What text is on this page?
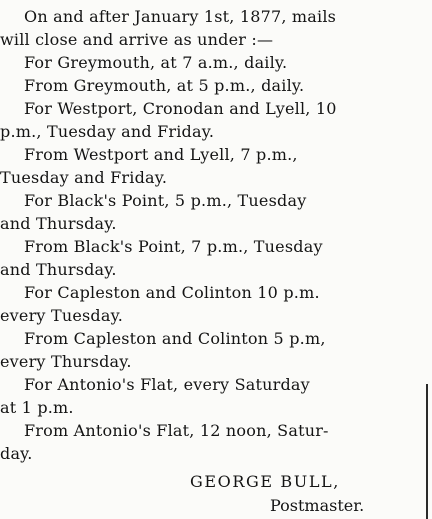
On and after January 1st, 1877, mails
will close and arrive as under :—
For Greymouth, at 7 a.m., daily.
From Greymouth, at 5 p.m., daily.
For Westport, Cronodan and Lyell, 10
p.m., Tuesday and Friday.
From Westport and Lyell, 7 p.m.,
Tuesday and Friday.
For Black's Point, 5 p.m., Tuesday
and Thursday.
From Black's Point, 7 p.m., Tuesday
and Thursday.
For Capleston and Colinton 10 p.m.
every Tuesday.
From Capleston and Colinton 5 p.m,
every Thursday.
For Antonio's Flat, every Saturday
at 1 p.m.
From Antonio's Flat, 12 noon, Satur-
day.
GEORGE BULL,
Postmaster.
